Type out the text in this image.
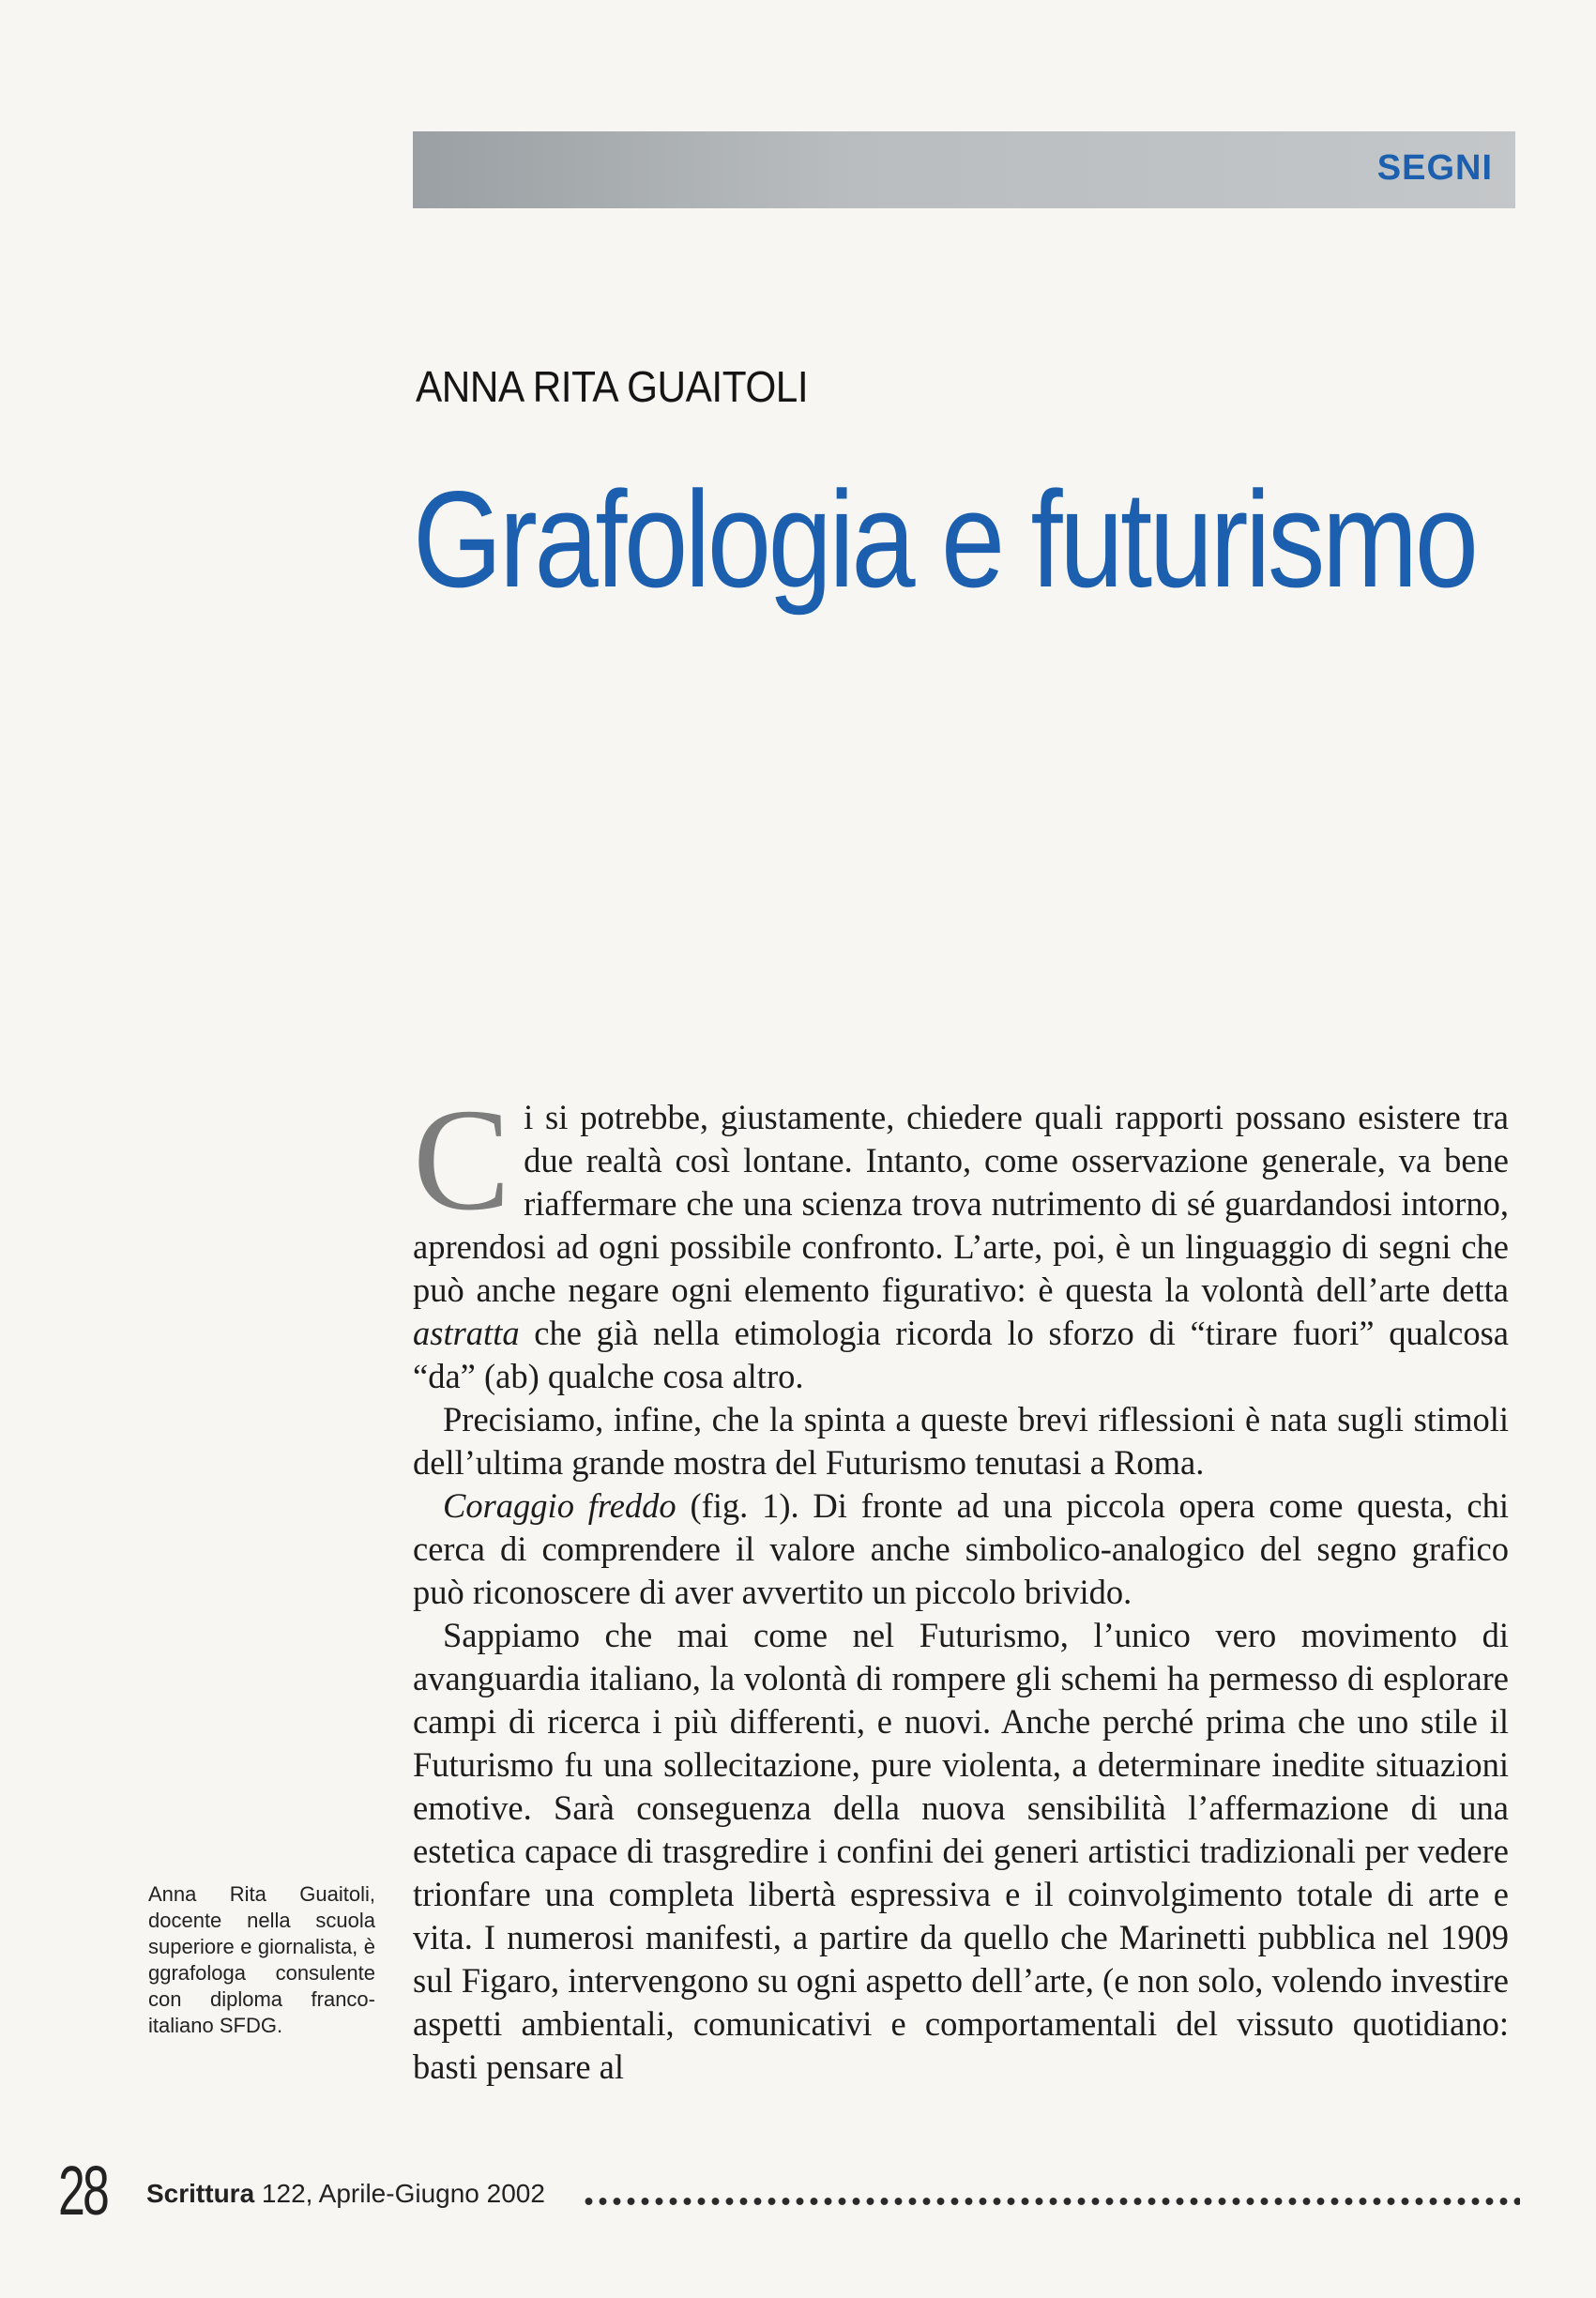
SEGNI
ANNA RITA GUAITOLI
Grafologia e futurismo

Ci si potrebbe, giustamente, chiedere quali rapporti possano esistere tra due realtà così lontane. Intanto, come osservazione generale, va bene riaffermare che una scienza trova nutrimento di sé guardandosi intorno, aprendosi ad ogni possibile confronto. L’arte, poi, è un linguaggio di segni che può anche negare ogni elemento figurativo: è questa la volontà dell’arte detta astratta che già nella etimologia ricorda lo sforzo di “tirare fuori” qualcosa “da” (ab) qualche cosa altro.

Precisiamo, infine, che la spinta a queste brevi riflessioni è nata sugli stimoli dell’ultima grande mostra del Futurismo tenutasi a Roma.

Coraggio freddo (fig. 1). Di fronte ad una piccola opera come questa, chi cerca di comprendere il valore anche simbolico-analogico del segno grafico può riconoscere di aver avvertito un piccolo brivido.

Sappiamo che mai come nel Futurismo, l’unico vero movimento di avanguardia italiano, la volontà di rompere gli schemi ha permesso di esplorare campi di ricerca i più differenti, e nuovi. Anche perché prima che uno stile il Futurismo fu una sollecitazione, pure violenta, a determinare inedite situazioni emotive. Sarà conseguenza della nuova sensibilità l’affermazione di una estetica capace di trasgredire i confini dei generi artistici tradizionali per vedere trionfare una completa libertà espressiva e il coinvolgimento totale di arte e vita. I numerosi manifesti, a partire da quello che Marinetti pubblica nel 1909 sul Figaro, intervengono su ogni aspetto dell’arte, (e non solo, volendo investire aspetti ambientali, comunicativi e comportamentali del vissuto quotidiano: basti pensare al

Anna Rita Guaitoli, docente nella scuola superiore e giornalista, è ggrafologa consulente con diploma franco-italiano SFDG.
28 Scrittura 122, Aprile-Giugno 2002
